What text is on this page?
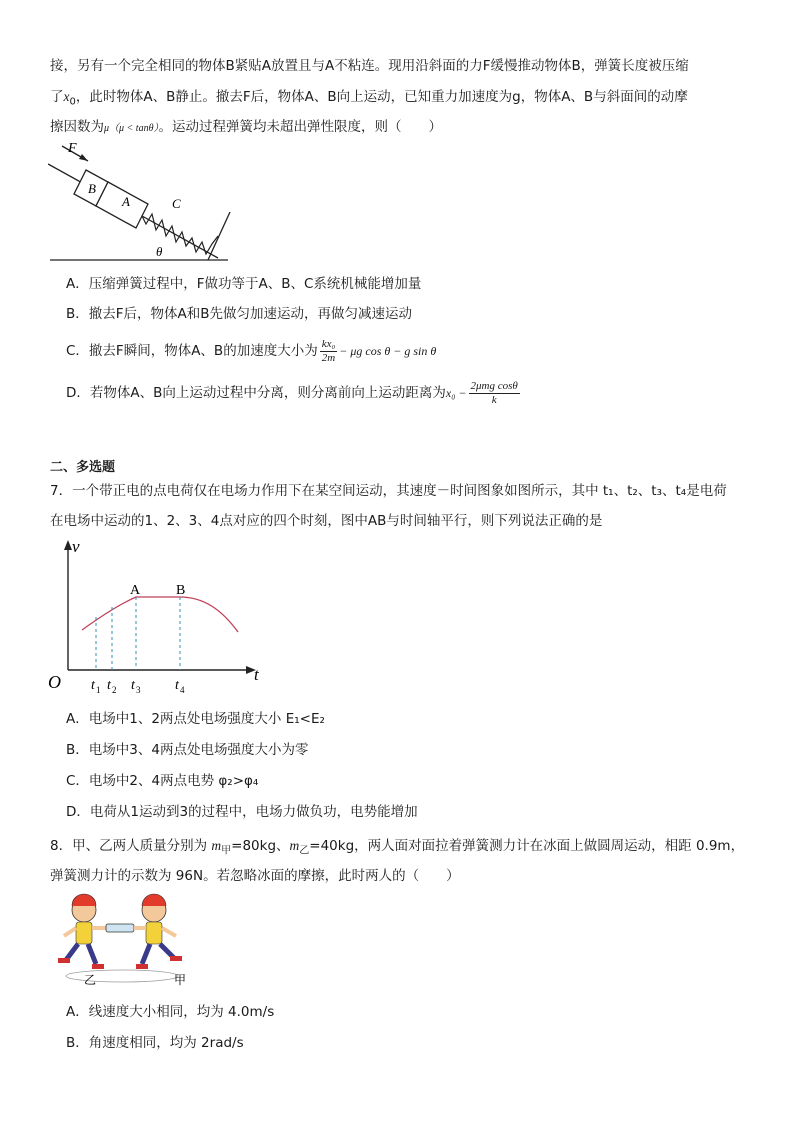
接，另有一个完全相同的物体B紧贴A放置且与A不粘连。现用沿斜面的力F缓慢推动物体B，弹簧长度被压缩
了$x_0$，此时物体A、B静止。撤去F后，物体A、B向上运动，已知重力加速度为g，物体A、B与斜面间的动摩
擦因数为μ（μ < tanθ）。运动过程弹簧均未超出弹性限度，则（　　）
F
B
A	C
θ
A．压缩弹簧过程中，F做功等于A、B、C系统机械能增加量
B．撤去F后，物体A和B先做匀加速运动，再做匀减速运动
C．撤去F瞬间，物体A、B的加速度大小为 $\frac{\text{kx₀}}{2m} - \mu g$ cos θ − g sin θ
D．若物体A、B向上运动过程中分离，则分离前向上运动距离为$x_0 - \frac{\text{2μmg cosθ}}{k}$
二、多选题
7．一个带正电的点电荷仅在电场力作用下在某空间运动，其速度－时间图象如图所示，其中 t₁、t₂、t₃、t₄是电荷
在电场中运动的1、2、3、4点对应的四个时刻，图中AB与时间轴平行，则下列说法正确的是
v
t
O
A	B
t 1 t 2 t 3 t 4
A．电场中1、2两点处电场强度大小 E₁<E₂
B．电场中3、4两点处电场强度大小为零
C．电场中2、4两点电势 φ₂>φ₄
D．电荷从1运动到3的过程中，电场力做负功，电势能增加
8．甲、乙两人质量分别为 $m_甲=80kg$、$m_乙=40kg$，两人面对面拉着弹簧测力计在冰面上做圆周运动，相距 0.9m，
弹簧测力计的示数为 96N。若忽略冰面的摩擦，此时两人的（　　）
乙	甲
A．线速度大小相同，均为 4.0m/s
B．角速度相同，均为 2rad/s
